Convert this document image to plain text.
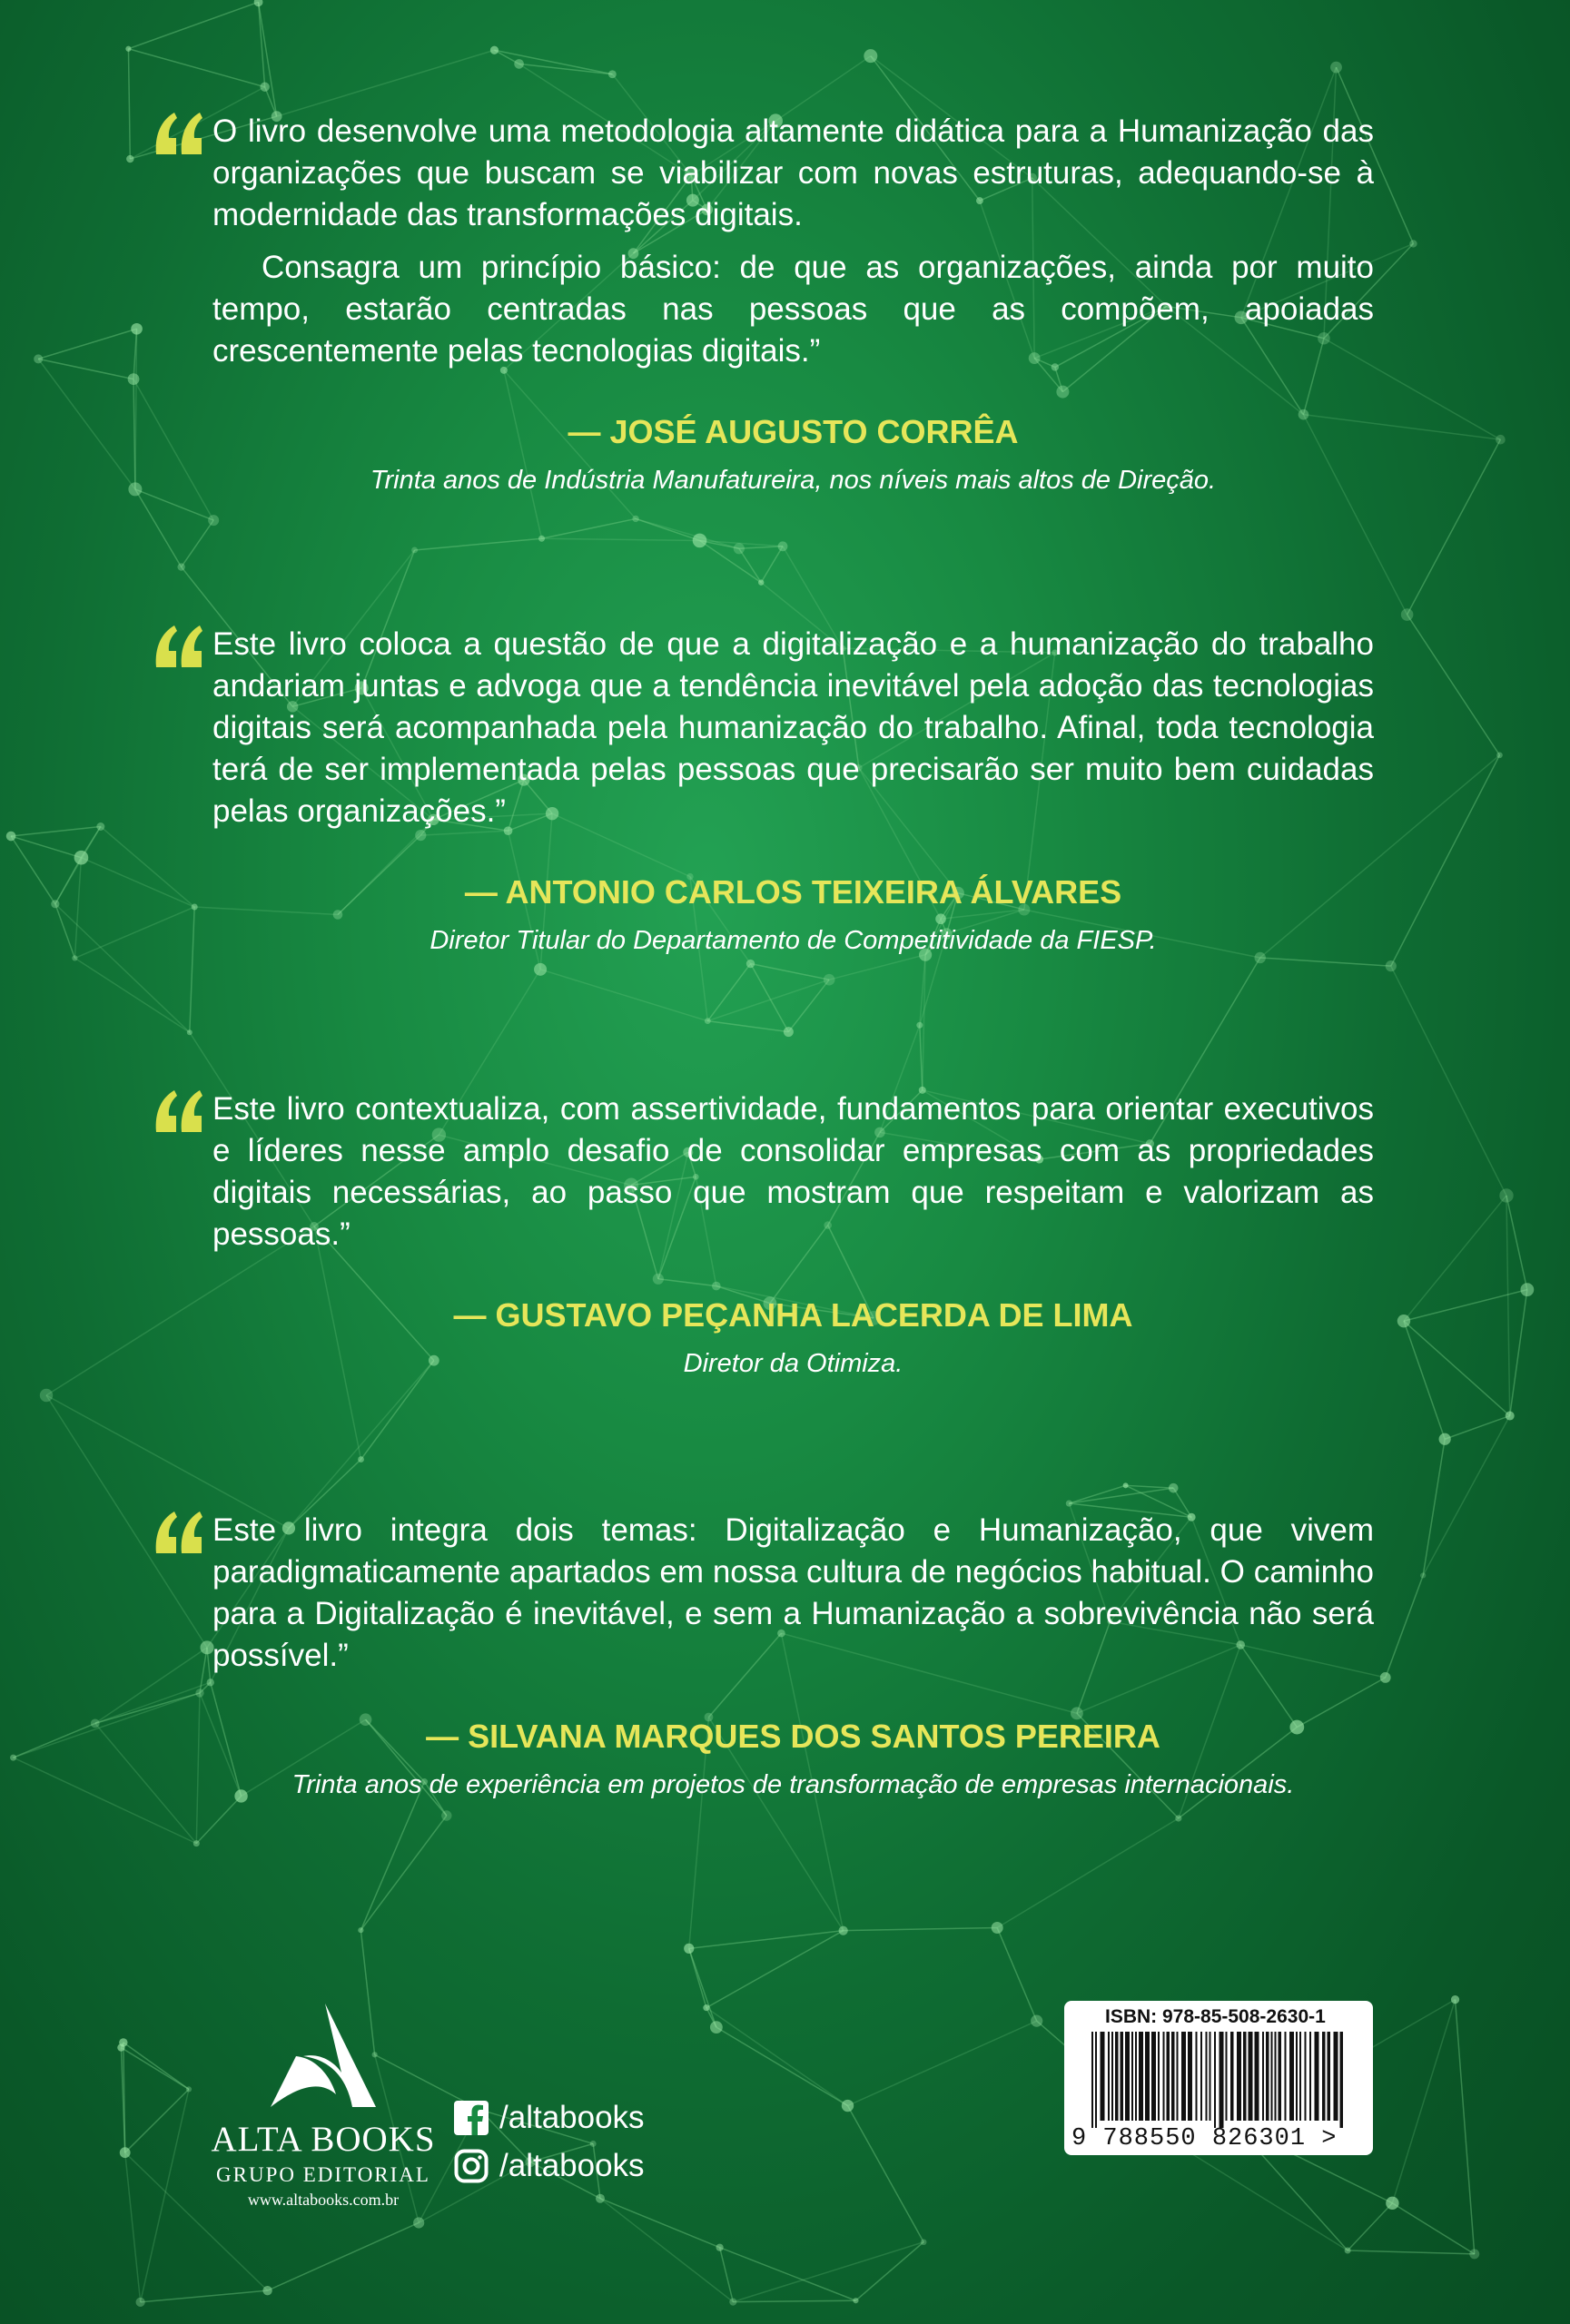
O livro desenvolve uma metodologia altamente didática para a Humanização das organizações que buscam se viabilizar com novas estruturas, adequando-se à modernidade das transformações digitais.

Consagra um princípio básico: de que as organizações, ainda por muito tempo, estarão centradas nas pessoas que as compõem, apoiadas crescentemente pelas tecnologias digitais.”

— JOSÉ AUGUSTO CORRÊA
Trinta anos de Indústria Manufatureira, nos níveis mais altos de Direção.

Este livro coloca a questão de que a digitalização e a humanização do trabalho andariam juntas e advoga que a tendência inevitável pela adoção das tecnologias digitais será acompanhada pela humanização do trabalho. Afinal, toda tecnologia terá de ser implementada pelas pessoas que precisarão ser muito bem cuidadas pelas organizações.”

— ANTONIO CARLOS TEIXEIRA ÁLVARES
Diretor Titular do Departamento de Competitividade da FIESP.

Este livro contextualiza, com assertividade, fundamentos para orientar executivos e líderes nesse amplo desafio de consolidar empresas com as propriedades digitais necessárias, ao passo que mostram que respeitam e valorizam as pessoas.”

— GUSTAVO PEÇANHA LACERDA DE LIMA
Diretor da Otimiza.

Este livro integra dois temas: Digitalização e Humanização, que vivem paradigmaticamente apartados em nossa cultura de negócios habitual. O caminho para a Digitalização é inevitável, e sem a Humanização a sobrevivência não será possível.”

— SILVANA MARQUES DOS SANTOS PEREIRA
Trinta anos de experiência em projetos de transformação de empresas internacionais.
ALTA BOOKS
GRUPO EDITORIAL
www.altabooks.com.br
/altabooks
/altabooks
ISBN: 978-85-508-2630-1
9 788550 826301 >
